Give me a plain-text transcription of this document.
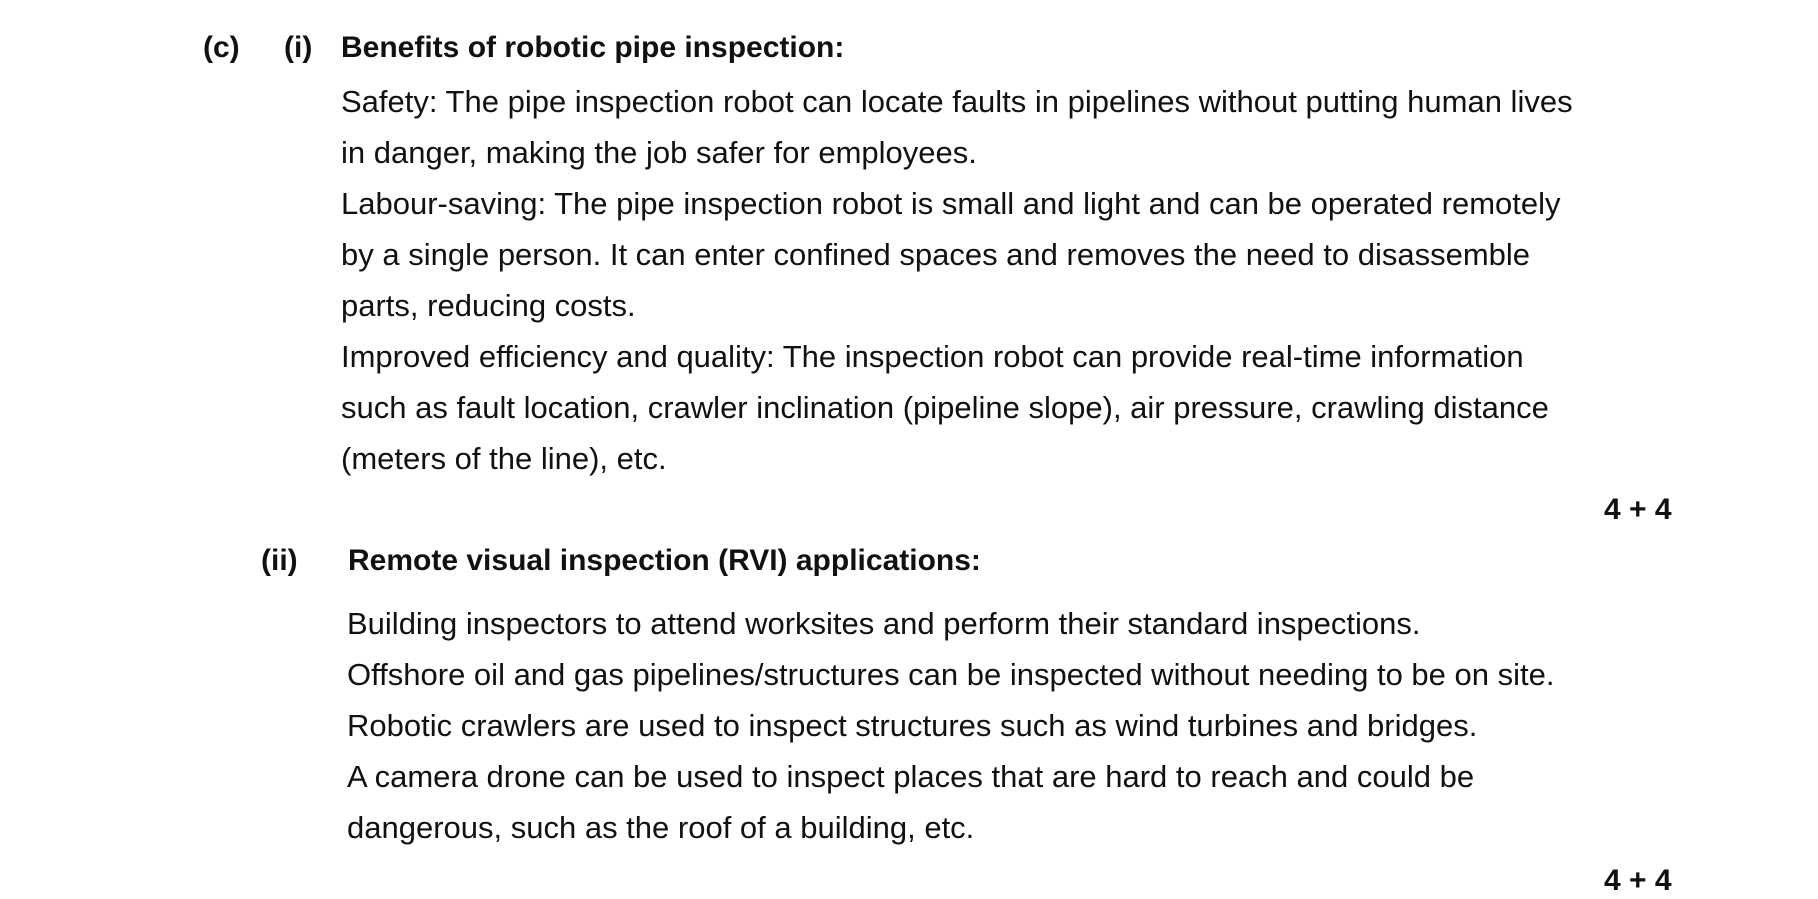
(c) (i) Benefits of robotic pipe inspection:
Safety: The pipe inspection robot can locate faults in pipelines without putting human lives
in danger, making the job safer for employees.
Labour-saving: The pipe inspection robot is small and light and can be operated remotely
by a single person. It can enter confined spaces and removes the need to disassemble
parts, reducing costs.
Improved efficiency and quality: The inspection robot can provide real-time information
such as fault location, crawler inclination (pipeline slope), air pressure, crawling distance
(meters of the line), etc.
4 + 4
(ii) Remote visual inspection (RVI) applications:
Building inspectors to attend worksites and perform their standard inspections.
Offshore oil and gas pipelines/structures can be inspected without needing to be on site.
Robotic crawlers are used to inspect structures such as wind turbines and bridges.
A camera drone can be used to inspect places that are hard to reach and could be
dangerous, such as the roof of a building, etc.
4 + 4
